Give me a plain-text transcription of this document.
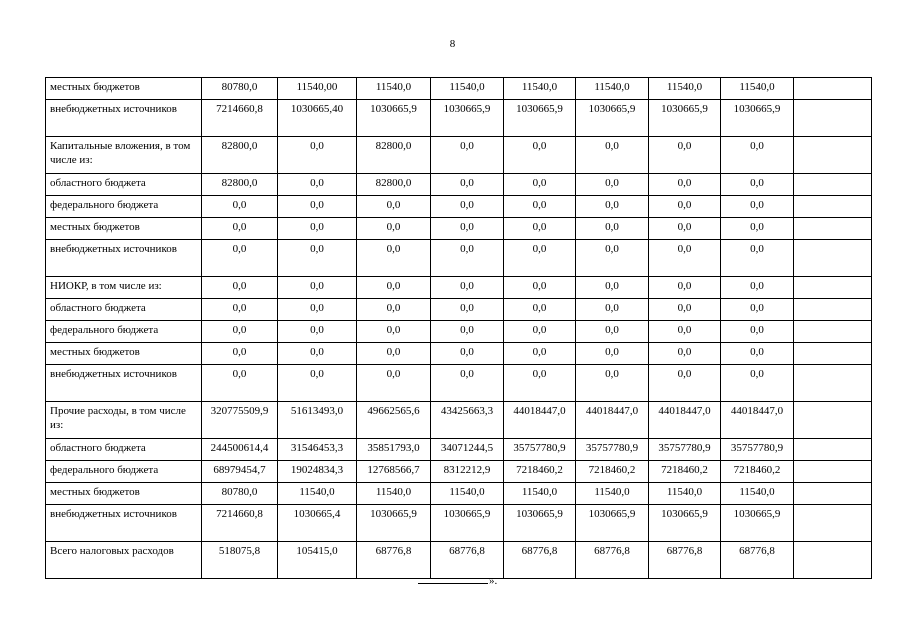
8
местных бюджетов	80780,0	11540,00	11540,0	11540,0	11540,0	11540,0	11540,0	11540,0	
внебюджетных источников	7214660,8	1030665,40	1030665,9	1030665,9	1030665,9	1030665,9	1030665,9	1030665,9	
Капитальные вложения, в том числе из:	82800,0	0,0	82800,0	0,0	0,0	0,0	0,0	0,0	
областного бюджета	82800,0	0,0	82800,0	0,0	0,0	0,0	0,0	0,0	
федерального бюджета	0,0	0,0	0,0	0,0	0,0	0,0	0,0	0,0	
местных бюджетов	0,0	0,0	0,0	0,0	0,0	0,0	0,0	0,0	
внебюджетных источников	0,0	0,0	0,0	0,0	0,0	0,0	0,0	0,0	
НИОКР, в том числе из:	0,0	0,0	0,0	0,0	0,0	0,0	0,0	0,0	
областного бюджета	0,0	0,0	0,0	0,0	0,0	0,0	0,0	0,0	
федерального бюджета	0,0	0,0	0,0	0,0	0,0	0,0	0,0	0,0	
местных бюджетов	0,0	0,0	0,0	0,0	0,0	0,0	0,0	0,0	
внебюджетных источников	0,0	0,0	0,0	0,0	0,0	0,0	0,0	0,0	
Прочие расходы, в том числе из:	320775509,9	51613493,0	49662565,6	43425663,3	44018447,0	44018447,0	44018447,0	44018447,0	
областного бюджета	244500614,4	31546453,3	35851793,0	34071244,5	35757780,9	35757780,9	35757780,9	35757780,9	
федерального бюджета	68979454,7	19024834,3	12768566,7	8312212,9	7218460,2	7218460,2	7218460,2	7218460,2	
местных бюджетов	80780,0	11540,0	11540,0	11540,0	11540,0	11540,0	11540,0	11540,0	
внебюджетных источников	7214660,8	1030665,4	1030665,9	1030665,9	1030665,9	1030665,9	1030665,9	1030665,9	
Всего налоговых расходов	518075,8	105415,0	68776,8	68776,8	68776,8	68776,8	68776,8	68776,8	
».
